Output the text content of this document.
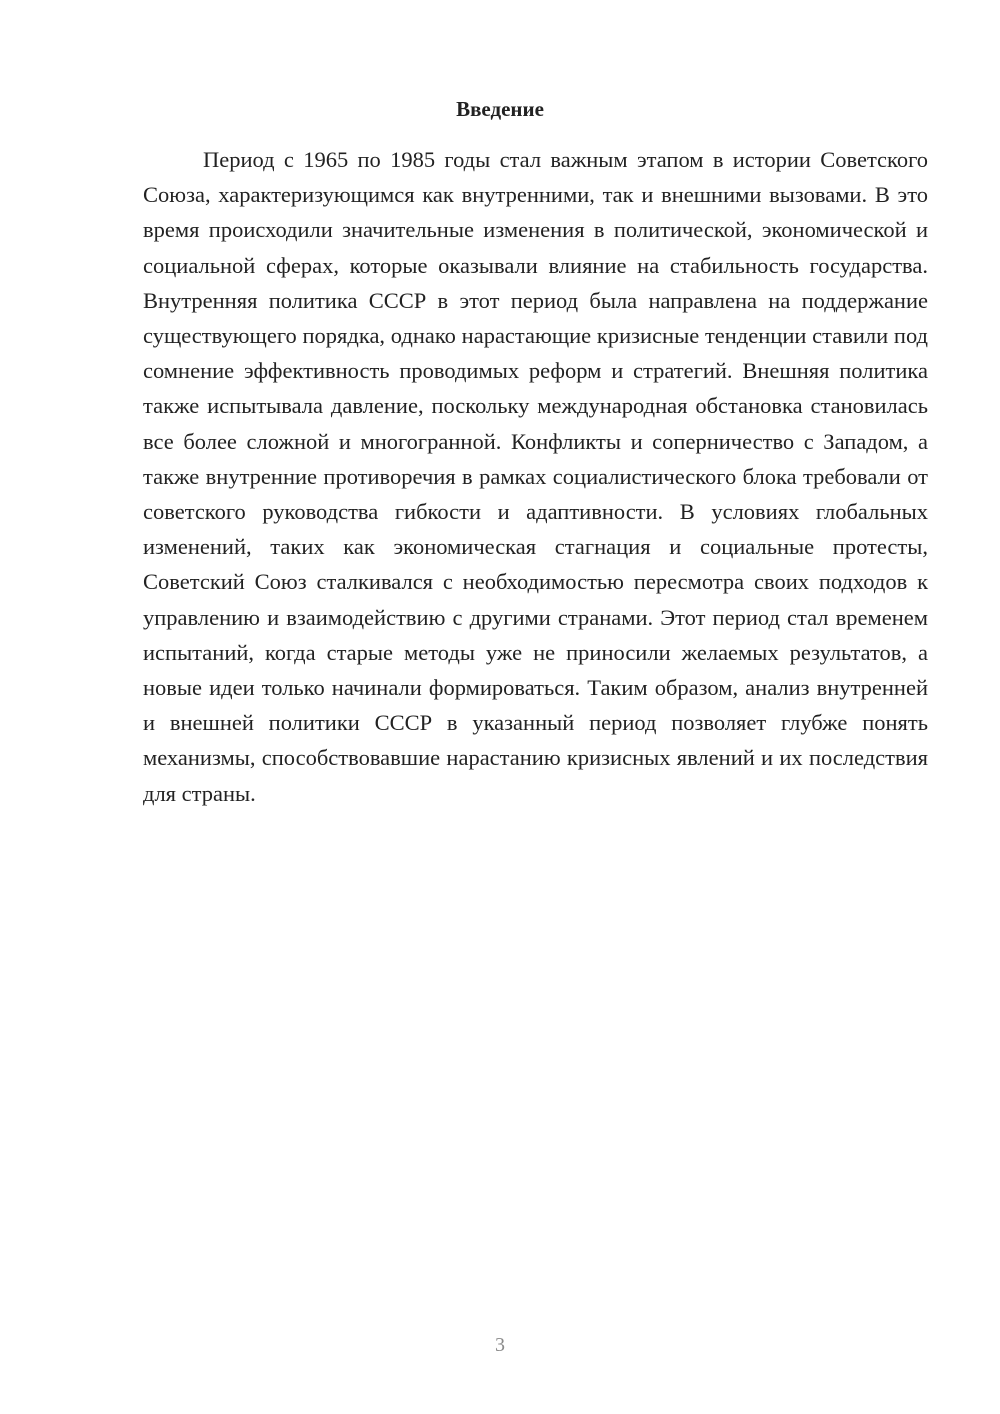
Введение

Период с 1965 по 1985 годы стал важным этапом в истории Советского Союза, характеризующимся как внутренними, так и внешними вызовами. В это время происходили значительные изменения в политической, экономической и социальной сферах, которые оказывали влияние на стабильность государства. Внутренняя политика СССР в этот период была направлена на поддержание существующего порядка, однако нарастающие кризисные тенденции ставили под сомнение эффективность проводимых реформ и стратегий. Внешняя политика также испытывала давление, поскольку международная обстановка становилась все более сложной и многогранной. Конфликты и соперничество с Западом, а также внутренние противоречия в рамках социалистического блока требовали от советского руководства гибкости и адаптивности. В условиях глобальных изменений, таких как экономическая стагнация и социальные протесты, Советский Союз сталкивался с необходимостью пересмотра своих подходов к управлению и взаимодействию с другими странами. Этот период стал временем испытаний, когда старые методы уже не приносили желаемых результатов, а новые идеи только начинали формироваться. Таким образом, анализ внутренней и внешней политики СССР в указанный период позволяет глубже понять механизмы, способствовавшие нарастанию кризисных явлений и их последствия для страны.

3
